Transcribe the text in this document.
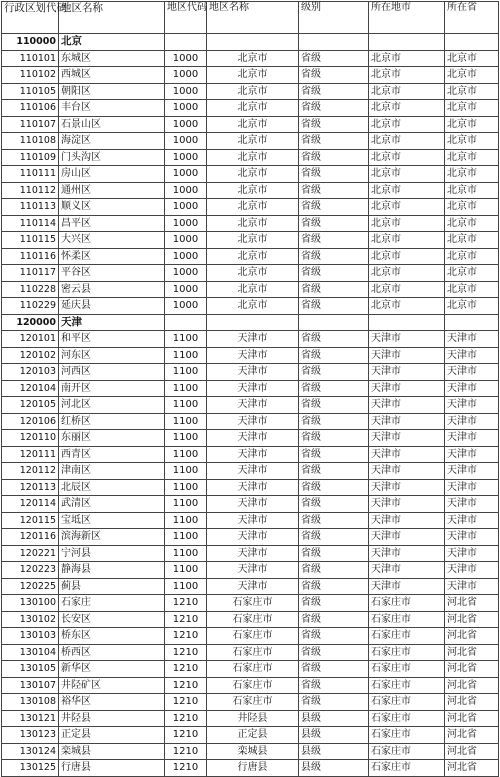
行政区划代码	地区名称	地区代码	地区名称	级别	所在地市	所在省
110000	北京					
110101	东城区	1000	北京市	省级	北京市	北京市
110102	西城区	1000	北京市	省级	北京市	北京市
110105	朝阳区	1000	北京市	省级	北京市	北京市
110106	丰台区	1000	北京市	省级	北京市	北京市
110107	石景山区	1000	北京市	省级	北京市	北京市
110108	海淀区	1000	北京市	省级	北京市	北京市
110109	门头沟区	1000	北京市	省级	北京市	北京市
110111	房山区	1000	北京市	省级	北京市	北京市
110112	通州区	1000	北京市	省级	北京市	北京市
110113	顺义区	1000	北京市	省级	北京市	北京市
110114	昌平区	1000	北京市	省级	北京市	北京市
110115	大兴区	1000	北京市	省级	北京市	北京市
110116	怀柔区	1000	北京市	省级	北京市	北京市
110117	平谷区	1000	北京市	省级	北京市	北京市
110228	密云县	1000	北京市	省级	北京市	北京市
110229	延庆县	1000	北京市	省级	北京市	北京市
120000	天津					
120101	和平区	1100	天津市	省级	天津市	天津市
120102	河东区	1100	天津市	省级	天津市	天津市
120103	河西区	1100	天津市	省级	天津市	天津市
120104	南开区	1100	天津市	省级	天津市	天津市
120105	河北区	1100	天津市	省级	天津市	天津市
120106	红桥区	1100	天津市	省级	天津市	天津市
120110	东丽区	1100	天津市	省级	天津市	天津市
120111	西青区	1100	天津市	省级	天津市	天津市
120112	津南区	1100	天津市	省级	天津市	天津市
120113	北辰区	1100	天津市	省级	天津市	天津市
120114	武清区	1100	天津市	省级	天津市	天津市
120115	宝坻区	1100	天津市	省级	天津市	天津市
120116	滨海新区	1100	天津市	省级	天津市	天津市
120221	宁河县	1100	天津市	省级	天津市	天津市
120223	静海县	1100	天津市	省级	天津市	天津市
120225	蓟县	1100	天津市	省级	天津市	天津市
130100	石家庄	1210	石家庄市	省级	石家庄市	河北省
130102	长安区	1210	石家庄市	省级	石家庄市	河北省
130103	桥东区	1210	石家庄市	省级	石家庄市	河北省
130104	桥西区	1210	石家庄市	省级	石家庄市	河北省
130105	新华区	1210	石家庄市	省级	石家庄市	河北省
130107	井陉矿区	1210	石家庄市	省级	石家庄市	河北省
130108	裕华区	1210	石家庄市	省级	石家庄市	河北省
130121	井陉县	1210	井陉县	县级	石家庄市	河北省
130123	正定县	1210	正定县	县级	石家庄市	河北省
130124	栾城县	1210	栾城县	县级	石家庄市	河北省
130125	行唐县	1210	行唐县	县级	石家庄市	河北省
